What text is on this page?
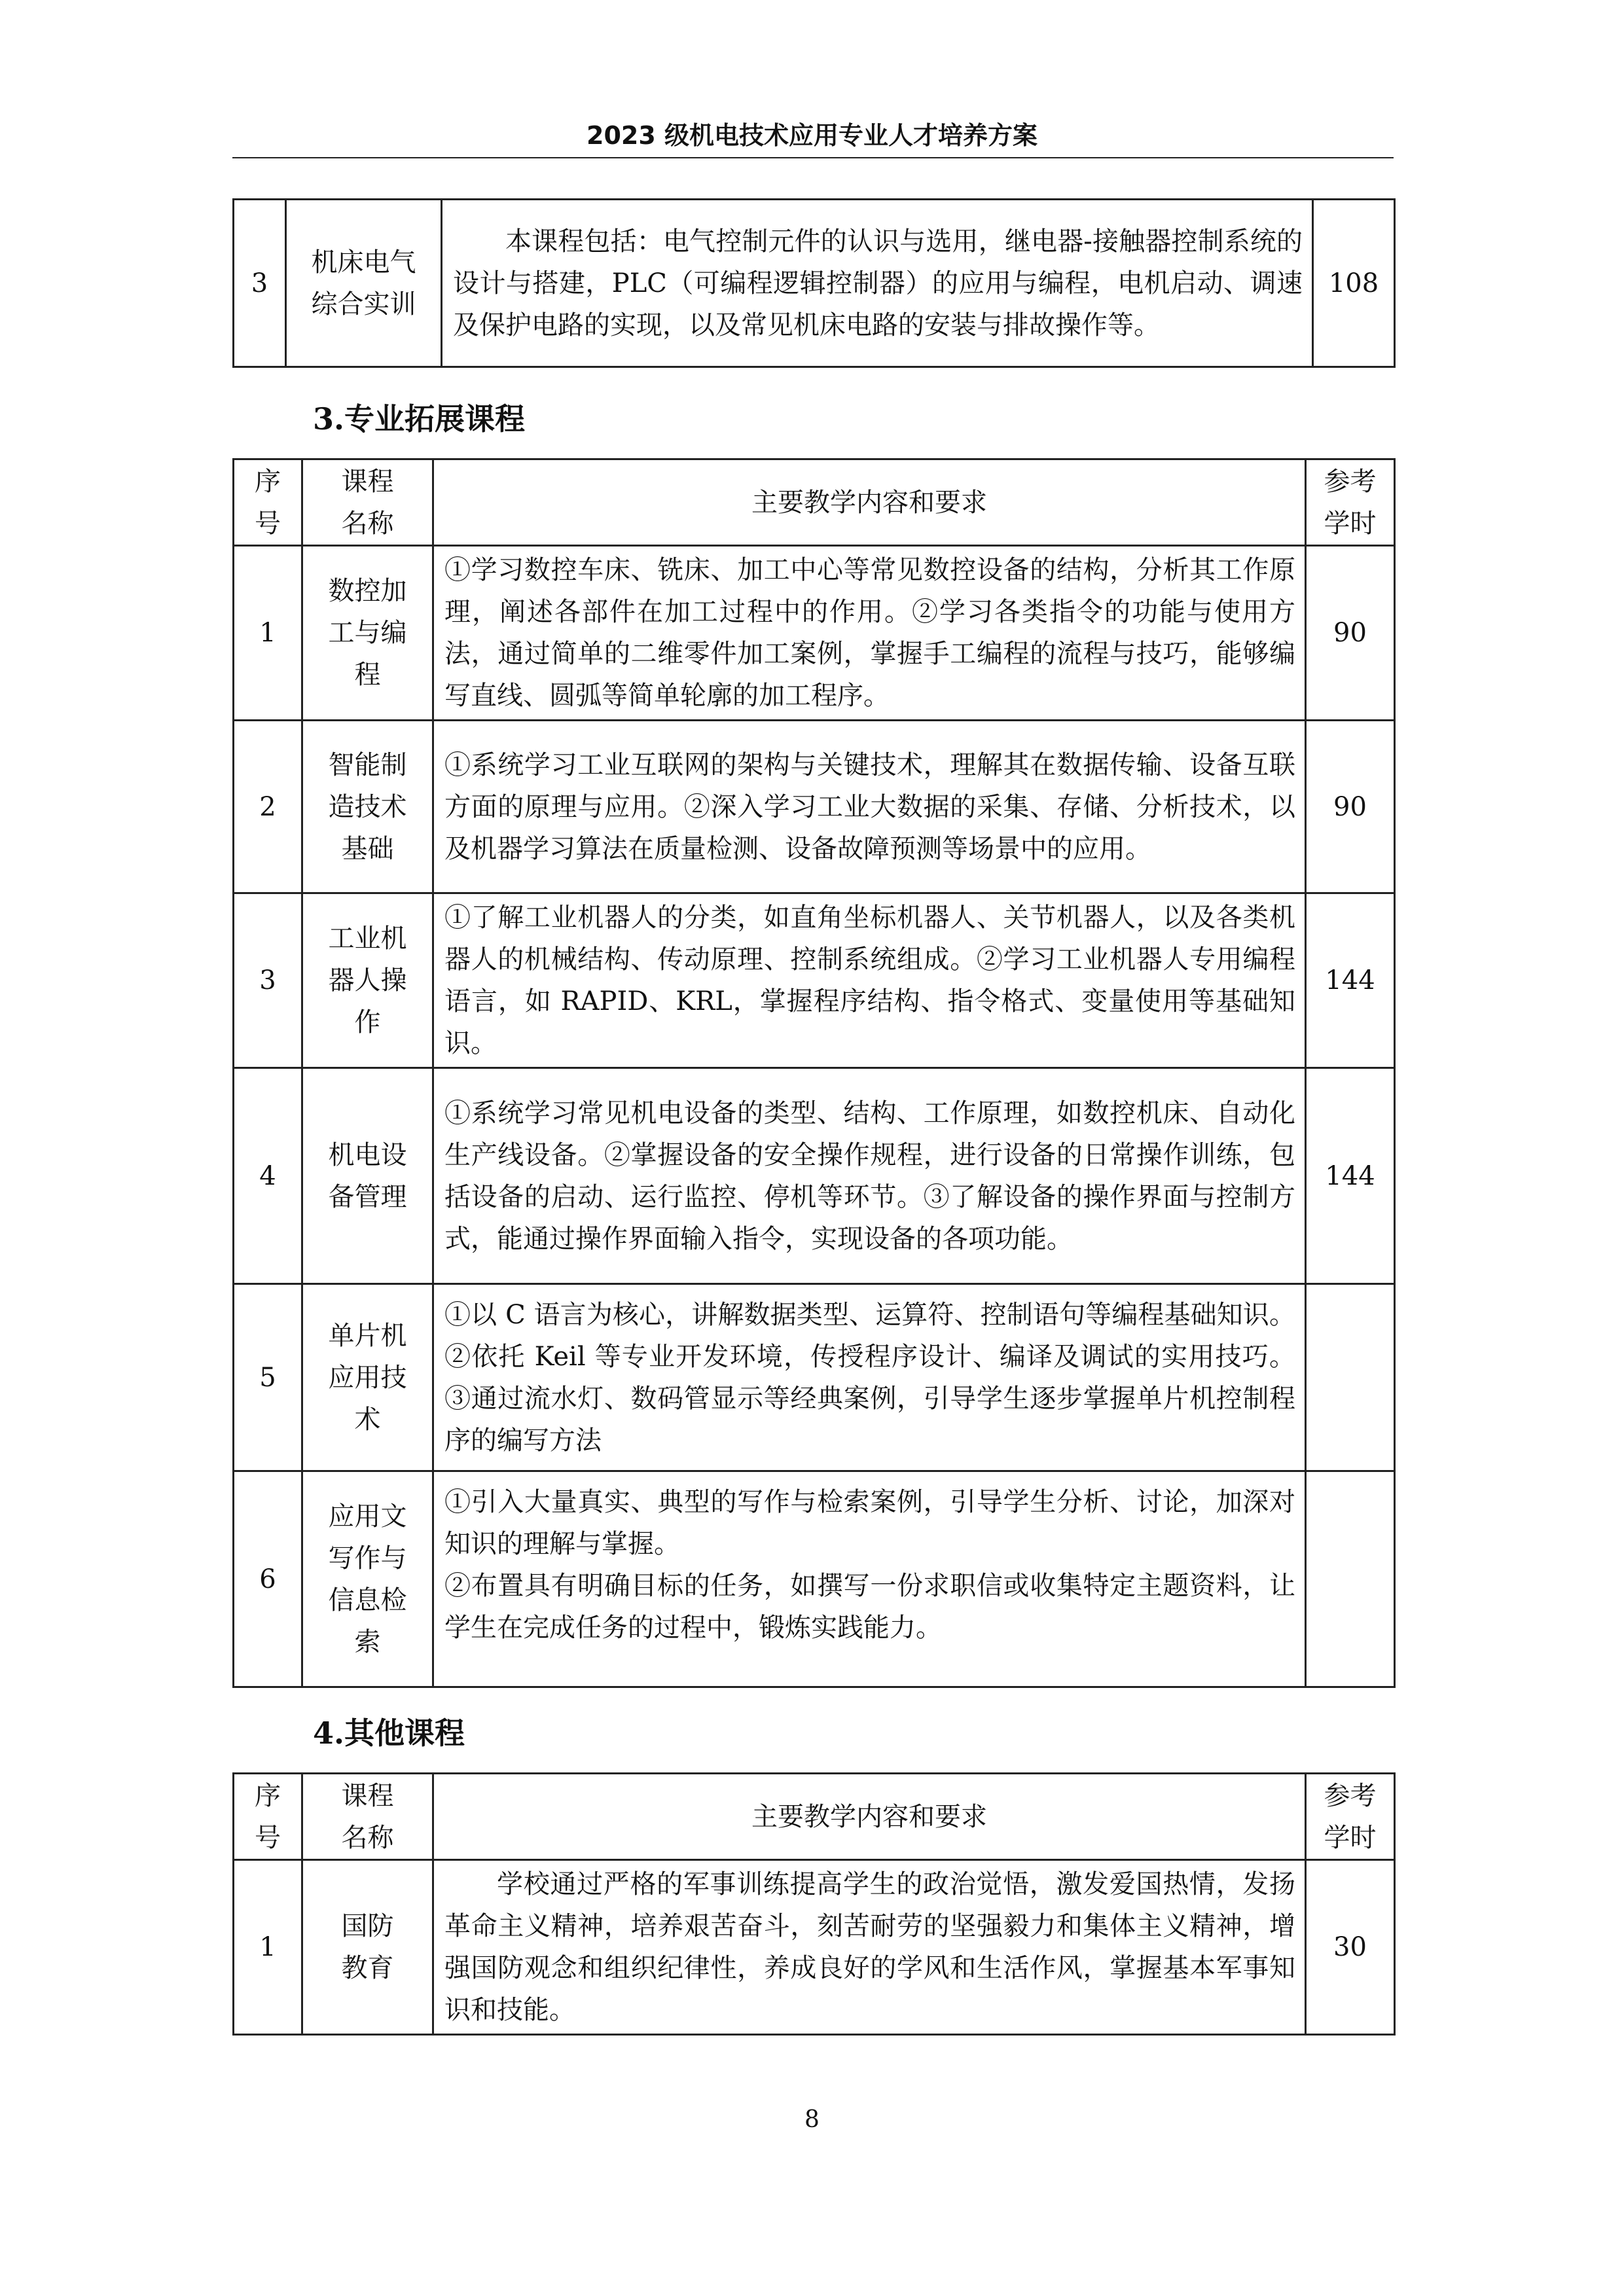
2023 级机电技术应用专业人才培养方案
3	机床电气综合实训	本课程包括：电气控制元件的认识与选用，继电器-接触器控制系统的设计与搭建，PLC（可编程逻辑控制器）的应用与编程，电机启动、调速及保护电路的实现，以及常见机床电路的安装与排故操作等。	108
3.专业拓展课程
序号	课程名称	主要教学内容和要求	参考学时
1	数控加工与编程	①学习数控车床、铣床、加工中心等常见数控设备的结构，分析其工作原理，阐述各部件在加工过程中的作用。②学习各类指令的功能与使用方法，通过简单的二维零件加工案例，掌握手工编程的流程与技巧，能够编写直线、圆弧等简单轮廓的加工程序。	90
2	智能制造技术基础	①系统学习工业互联网的架构与关键技术，理解其在数据传输、设备互联方面的原理与应用。②深入学习工业大数据的采集、存储、分析技术，以及机器学习算法在质量检测、设备故障预测等场景中的应用。	90
3	工业机器人操作	①了解工业机器人的分类，如直角坐标机器人、关节机器人，以及各类机器人的机械结构、传动原理、控制系统组成。②学习工业机器人专用编程语言，如 RAPID、KRL，掌握程序结构、指令格式、变量使用等基础知识。	144
4	机电设备管理	①系统学习常见机电设备的类型、结构、工作原理，如数控机床、自动化生产线设备。②掌握设备的安全操作规程，进行设备的日常操作训练，包括设备的启动、运行监控、停机等环节。③了解设备的操作界面与控制方式，能通过操作界面输入指令，实现设备的各项功能。	144
5	单片机应用技术	①以 C 语言为核心，讲解数据类型、运算符、控制语句等编程基础知识。②依托 Keil 等专业开发环境，传授程序设计、编译及调试的实用技巧。③通过流水灯、数码管显示等经典案例，引导学生逐步掌握单片机控制程序的编写方法	
6	应用文写作与信息检索	①引入大量真实、典型的写作与检索案例，引导学生分析、讨论，加深对知识的理解与掌握。
②布置具有明确目标的任务，如撰写一份求职信或收集特定主题资料，让学生在完成任务的过程中，锻炼实践能力。	

4.其他课程
序号	课程名称	主要教学内容和要求	参考学时
1	国防教育	学校通过严格的军事训练提高学生的政治觉悟，激发爱国热情，发扬革命主义精神，培养艰苦奋斗，刻苦耐劳的坚强毅力和集体主义精神，增强国防观念和组织纪律性，养成良好的学风和生活作风，掌握基本军事知识和技能。	30
8
